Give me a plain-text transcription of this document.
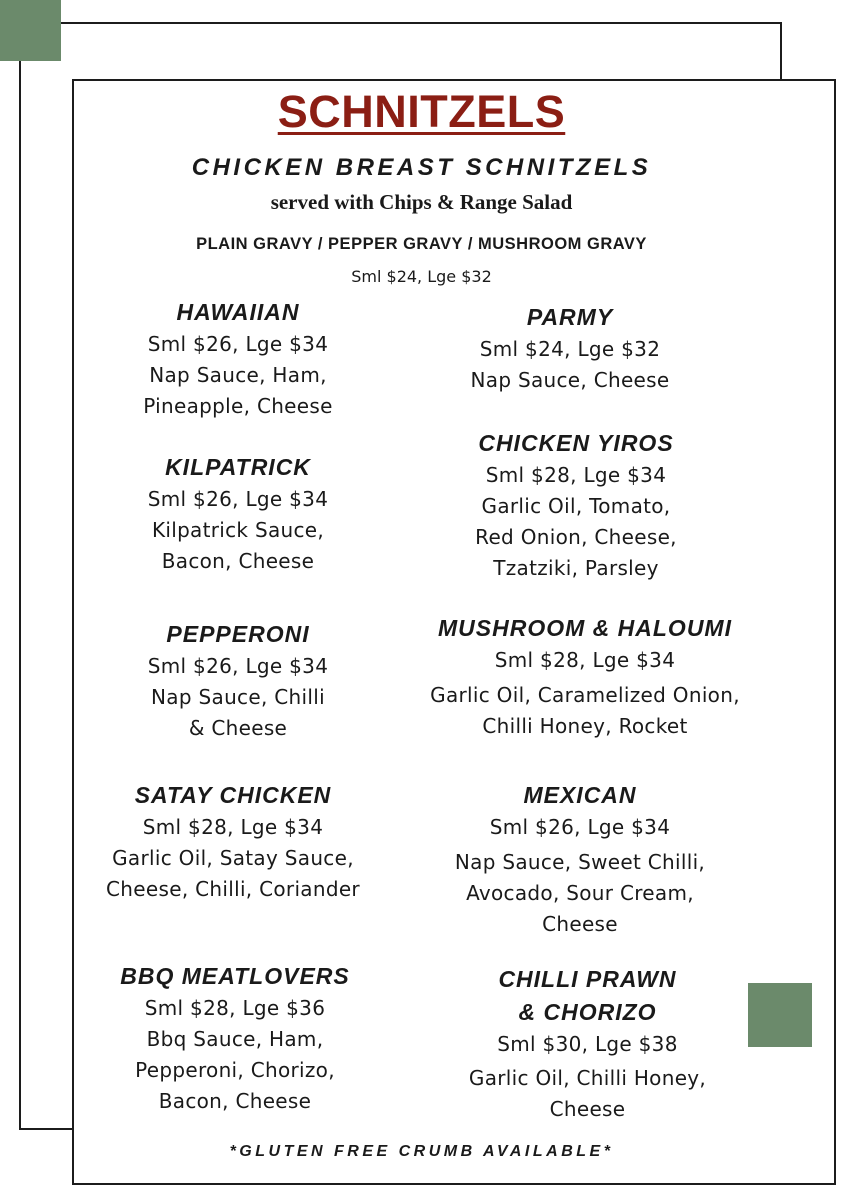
SCHNITZELS
CHICKEN BREAST SCHNITZELS
served with Chips & Range Salad
PLAIN GRAVY / PEPPER GRAVY / MUSHROOM GRAVY
Sml $24, Lge $32
HAWAIIAN
Sml $26, Lge $34
Nap Sauce, Ham,
Pineapple, Cheese
KILPATRICK
Sml $26, Lge $34
Kilpatrick Sauce,
Bacon, Cheese
PEPPERONI
Sml $26, Lge $34
Nap Sauce, Chilli
& Cheese
SATAY CHICKEN
Sml $28, Lge $34
Garlic Oil, Satay Sauce,
Cheese, Chilli, Coriander
BBQ MEATLOVERS
Sml $28, Lge $36
Bbq Sauce, Ham,
Pepperoni, Chorizo,
Bacon, Cheese
PARMY
Sml $24, Lge $32
Nap Sauce, Cheese
CHICKEN YIROS
Sml $28, Lge $34
Garlic Oil, Tomato,
Red Onion, Cheese,
Tzatziki, Parsley
MUSHROOM & HALOUMI
Sml $28, Lge $34
Garlic Oil, Caramelized Onion,
Chilli Honey, Rocket
MEXICAN
Sml $26, Lge $34
Nap Sauce, Sweet Chilli,
Avocado, Sour Cream,
Cheese
CHILLI PRAWN
& CHORIZO
Sml $30, Lge $38
Garlic Oil, Chilli Honey,
Cheese
*GLUTEN FREE CRUMB AVAILABLE*
